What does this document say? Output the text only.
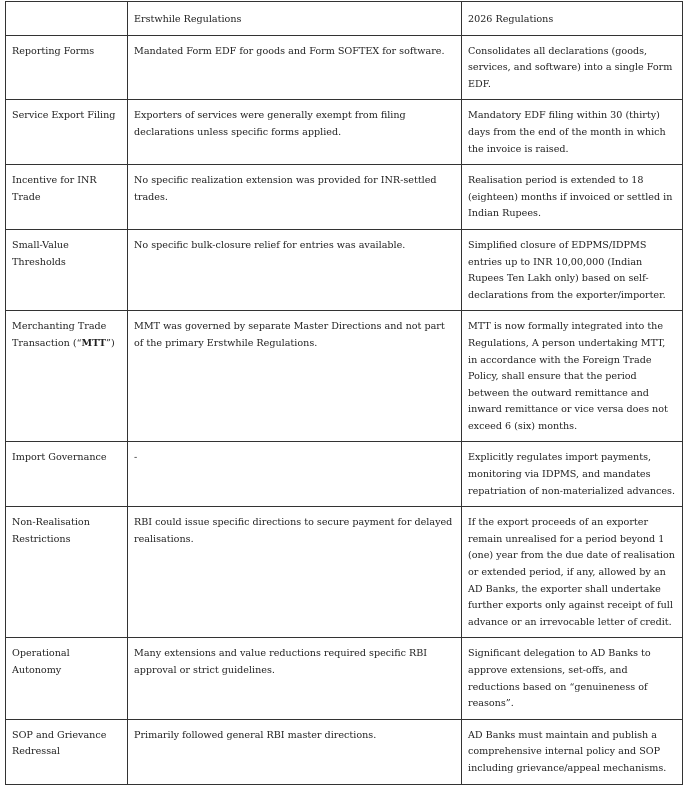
	Erstwhile Regulations	2026 Regulations
Reporting Forms	Mandated Form EDF for goods and Form SOFTEX for software.	Consolidates all declarations (goods, services, and software) into a single Form EDF.
Service Export Filing	Exporters of services were generally exempt from filing declarations unless specific forms applied.	Mandatory EDF filing within 30 (thirty) days from the end of the month in which the invoice is raised.
Incentive for INR Trade	No specific realization extension was provided for INR-settled trades.	Realisation period is extended to 18 (eighteen) months if invoiced or settled in Indian Rupees.
Small-Value Thresholds	No specific bulk-closure relief for entries was available.	Simplified closure of EDPMS/IDPMS entries up to INR 10,00,000 (Indian Rupees Ten Lakh only) based on self-declarations from the exporter/importer.
Merchanting Trade Transaction (“MTT”)	MMT was governed by separate Master Directions and not part of the primary Erstwhile Regulations.	MTT is now formally integrated into the Regulations, A person undertaking MTT, in accordance with the Foreign Trade Policy, shall ensure that the period between the outward remittance and inward remittance or vice versa does not exceed 6 (six) months.
Import Governance	-	Explicitly regulates import payments, monitoring via IDPMS, and mandates repatriation of non-materialized advances.
Non-Realisation Restrictions	RBI could issue specific directions to secure payment for delayed realisations.	If the export proceeds of an exporter remain unrealised for a period beyond 1 (one) year from the due date of realisation or extended period, if any, allowed by an
AD Banks, the exporter shall undertake further exports only against receipt of full
advance or an irrevocable letter of credit.

Operational Autonomy	Many extensions and value reductions required specific RBI approval or strict guidelines.	Significant delegation to AD Banks to approve extensions, set-offs, and reductions based on “genuineness of reasons”.
SOP and Grievance Redressal	Primarily followed general RBI master directions.	AD Banks must maintain and publish a comprehensive internal policy and SOP including grievance/appeal mechanisms.
